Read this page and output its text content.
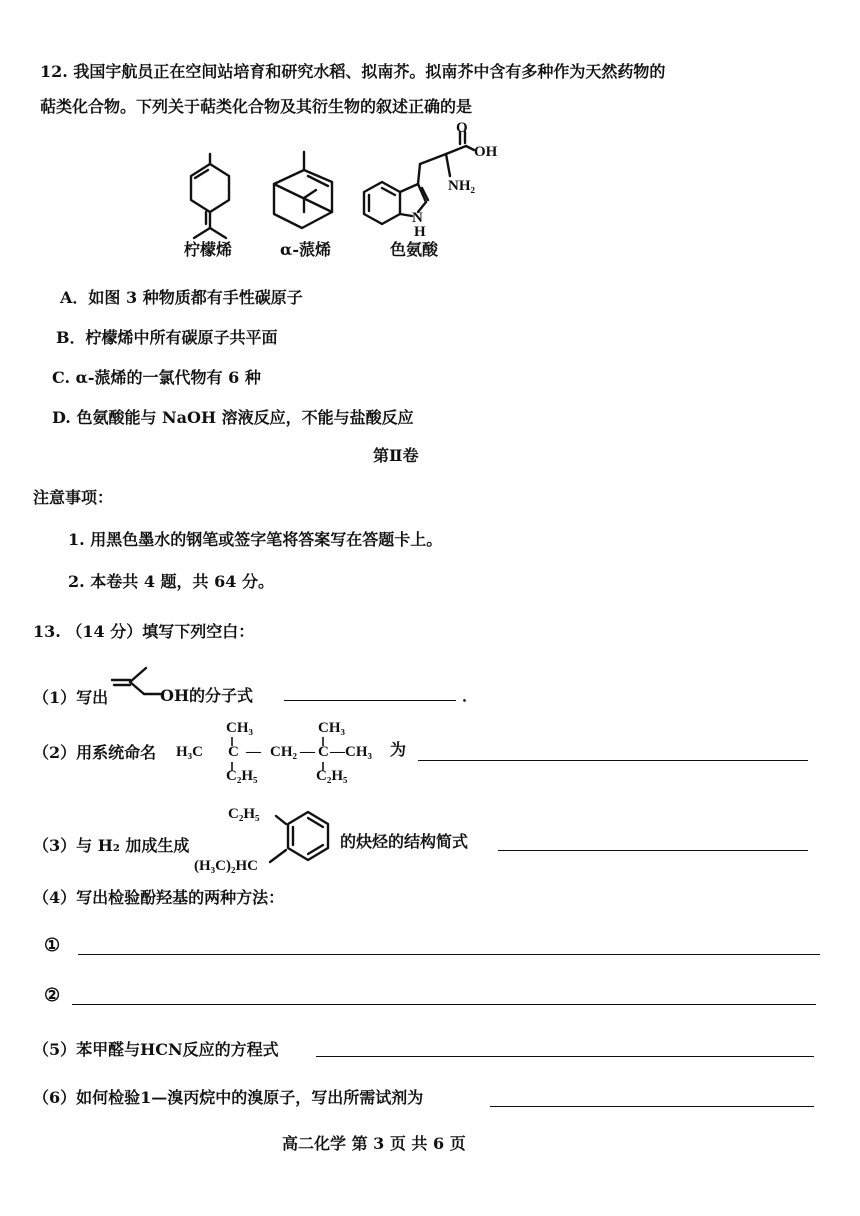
12. 我国宇航员正在空间站培育和研究水稻、拟南芥。拟南芥中含有多种作为天然药物的
萜类化合物。下列关于萜类化合物及其衍生物的叙述正确的是
柠檬烯	α-蒎烯
O
OH
NH₂
N
H
色氨酸
A．如图 3 种物质都有手性碳原子
B．柠檬烯中所有碳原子共平面
C. α-蒎烯的一氯代物有 6 种
D. 色氨酸能与 NaOH 溶液反应，不能与盐酸反应
第Ⅱ卷
注意事项：
1. 用黑色墨水的钢笔或签字笔将答案写在答题卡上。
2. 本卷共 4 题，共 64 分。
13. （14 分）填写下列空白：
（1）写出	OH的分子式	．
（2）用系统命名
CH₃
H₃C C — CH₂ — C —CH₃
CH₃
C₂H₅	C₂H₅
为
（3）与 H₂ 加成生成
C₂H₅
(H₃C)₂HC
的炔烃的结构简式
（4）写出检验酚羟基的两种方法：
①
②
（5）苯甲醛与HCN反应的方程式
（6）如何检验1—溴丙烷中的溴原子，写出所需试剂为
高二化学 第 3 页 共 6 页
